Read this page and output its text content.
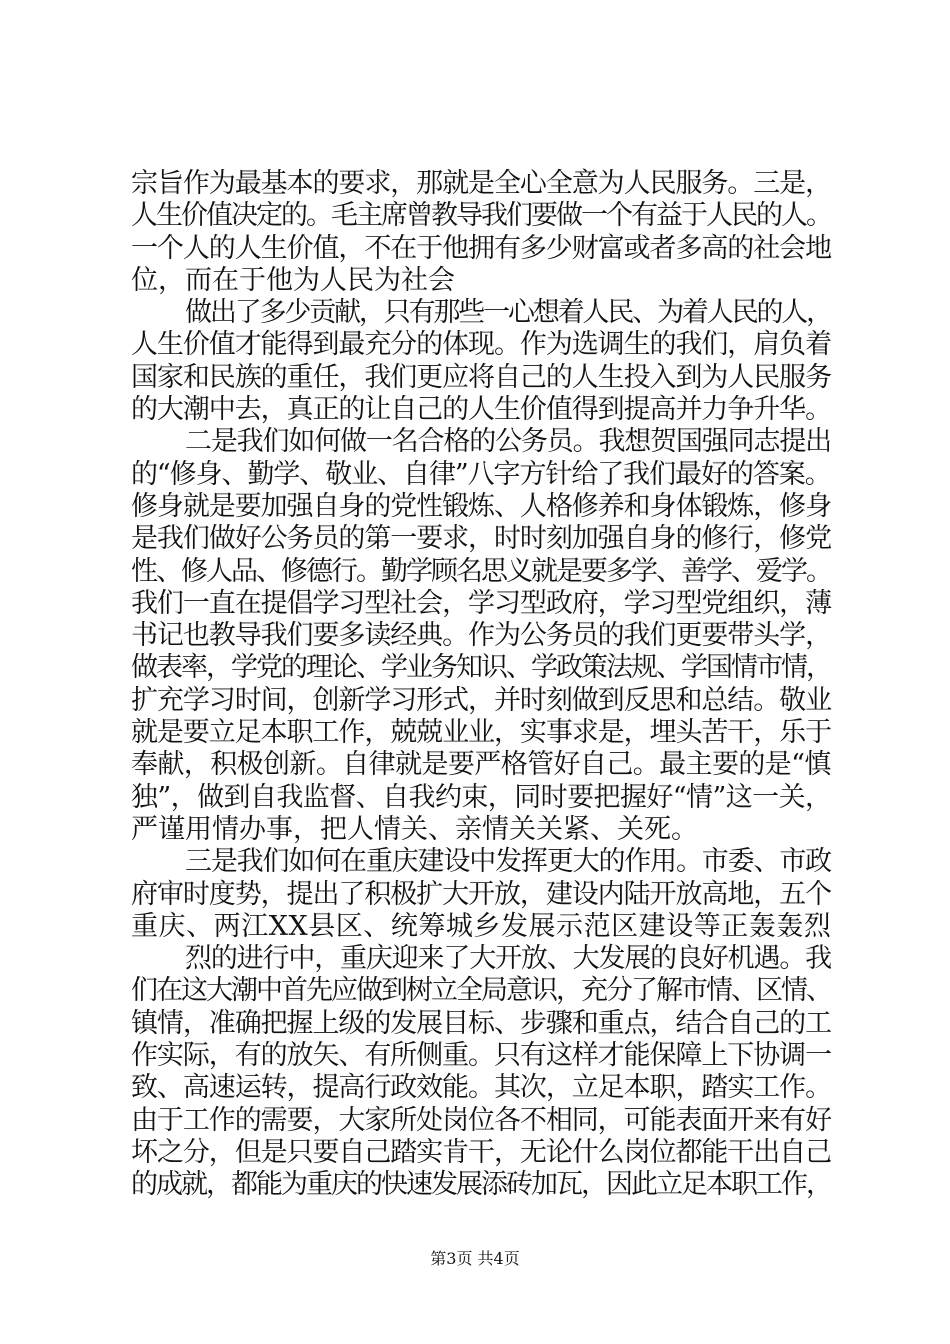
宗旨作为最基本的要求，那就是全心全意为人民服务。三是，
人生价值决定的。毛主席曾教导我们要做一个有益于人民的人。
一个人的人生价值，不在于他拥有多少财富或者多高的社会地
位，而在于他为人民为社会
做出了多少贡献，只有那些一心想着人民、为着人民的人，
人生价值才能得到最充分的体现。作为选调生的我们，肩负着
国家和民族的重任，我们更应将自己的人生投入到为人民服务
的大潮中去，真正的让自己的人生价值得到提高并力争升华。
二是我们如何做一名合格的公务员。我想贺国强同志提出
的“修身、勤学、敬业、自律”八字方针给了我们最好的答案。
修身就是要加强自身的党性锻炼、人格修养和身体锻炼，修身
是我们做好公务员的第一要求，时时刻加强自身的修行，修党
性、修人品、修德行。勤学顾名思义就是要多学、善学、爱学。
我们一直在提倡学习型社会，学习型政府，学习型党组织，薄
书记也教导我们要多读经典。作为公务员的我们更要带头学，
做表率，学党的理论、学业务知识、学政策法规、学国情市情，
扩充学习时间，创新学习形式，并时刻做到反思和总结。敬业
就是要立足本职工作，兢兢业业，实事求是，埋头苦干，乐于
奉献，积极创新。自律就是要严格管好自己。最主要的是“慎
独”，做到自我监督、自我约束，同时要把握好“情”这一关，
严谨用情办事，把人情关、亲情关关紧、关死。
三是我们如何在重庆建设中发挥更大的作用。市委、市政
府审时度势，提出了积极扩大开放，建设内陆开放高地，五个
重庆、两江XX县区、统筹城乡发展示范区建设等正轰轰烈
烈的进行中，重庆迎来了大开放、大发展的良好机遇。我
们在这大潮中首先应做到树立全局意识，充分了解市情、区情、
镇情，准确把握上级的发展目标、步骤和重点，结合自己的工
作实际，有的放矢、有所侧重。只有这样才能保障上下协调一
致、高速运转，提高行政效能。其次，立足本职，踏实工作。
由于工作的需要，大家所处岗位各不相同，可能表面开来有好
坏之分，但是只要自己踏实肯干，无论什么岗位都能干出自己
的成就，都能为重庆的快速发展添砖加瓦，因此立足本职工作，
第3页 共4页
